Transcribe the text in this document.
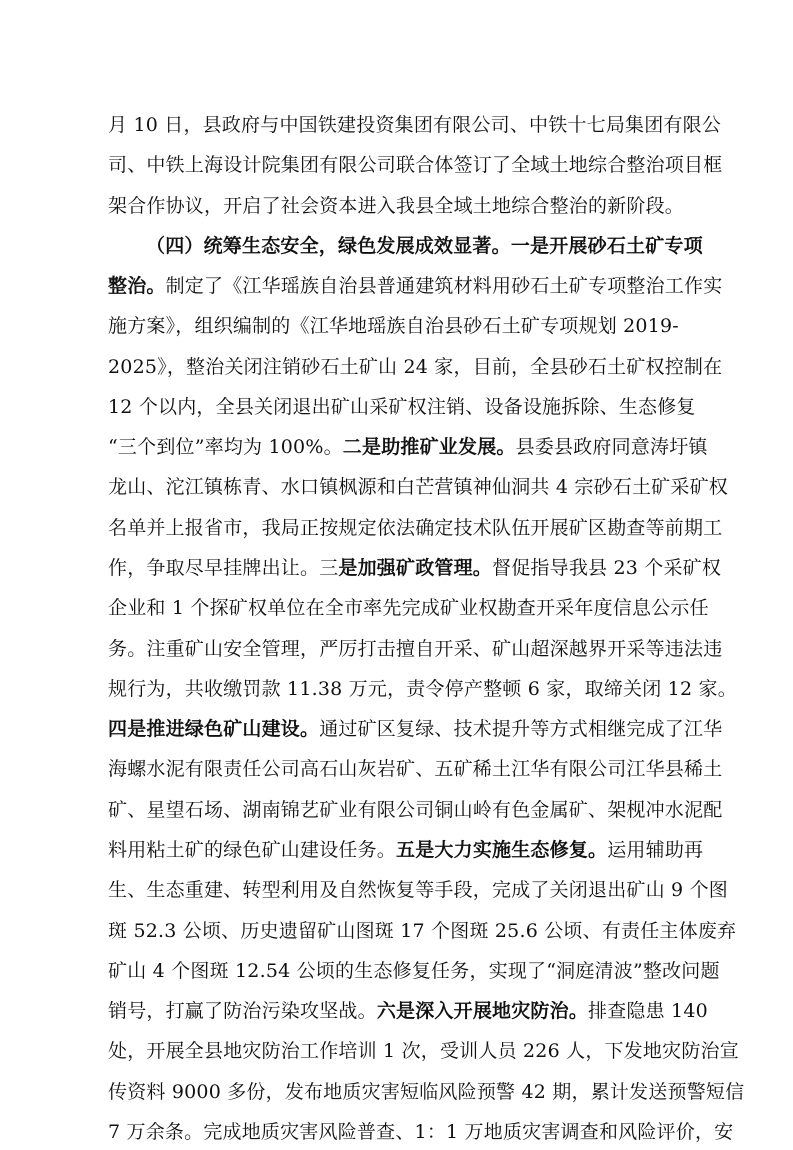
月 10 日，县政府与中国铁建投资集团有限公司、中铁十七局集团有限公
司、中铁上海设计院集团有限公司联合体签订了全域土地综合整治项目框
架合作协议，开启了社会资本进入我县全域土地综合整治的新阶段。
（四）统筹生态安全，绿色发展成效显著。一是开展砂石土矿专项
整治。制定了《江华瑶族自治县普通建筑材料用砂石土矿专项整治工作实
施方案》，组织编制的《江华地瑶族自治县砂石土矿专项规划 2019-
2025》，整治关闭注销砂石土矿山 24 家，目前，全县砂石土矿权控制在
12 个以内，全县关闭退出矿山采矿权注销、设备设施拆除、生态修复
“三个到位”率均为 100%。二是助推矿业发展。县委县政府同意涛圩镇
龙山、沱江镇栋青、水口镇枫源和白芒营镇神仙洞共 4 宗砂石土矿采矿权
名单并上报省市，我局正按规定依法确定技术队伍开展矿区勘查等前期工
作，争取尽早挂牌出让。三是加强矿政管理。督促指导我县 23 个采矿权
企业和 1 个探矿权单位在全市率先完成矿业权勘查开采年度信息公示任
务。注重矿山安全管理，严厉打击擅自开采、矿山超深越界开采等违法违
规行为，共收缴罚款 11.38 万元，责令停产整顿 6 家，取缔关闭 12 家。
四是推进绿色矿山建设。通过矿区复绿、技术提升等方式相继完成了江华
海螺水泥有限责任公司高石山灰岩矿、五矿稀土江华有限公司江华县稀土
矿、星望石场、湖南锦艺矿业有限公司铜山岭有色金属矿、架枧冲水泥配
料用粘土矿的绿色矿山建设任务。五是大力实施生态修复。运用辅助再
生、生态重建、转型利用及自然恢复等手段，完成了关闭退出矿山 9 个图
斑 52.3 公顷、历史遗留矿山图斑 17 个图斑 25.6 公顷、有责任主体废弃
矿山 4 个图斑 12.54 公顷的生态修复任务，实现了“洞庭清波”整改问题
销号，打赢了防治污染攻坚战。六是深入开展地灾防治。排查隐患 140
处，开展全县地灾防治工作培训 1 次，受训人员 226 人，下发地灾防治宣
传资料 9000 多份，发布地质灾害短临风险预警 42 期，累计发送预警短信
7 万余条。完成地质灾害风险普查、1：1 万地质灾害调查和风险评价，安
